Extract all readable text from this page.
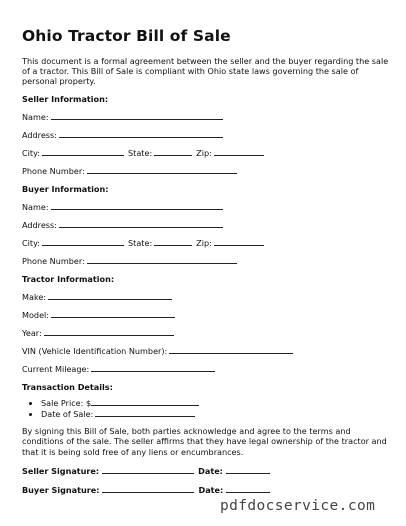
Ohio Tractor Bill of Sale

This document is a formal agreement between the seller and the buyer regarding the sale of a tractor. This Bill of Sale is compliant with Ohio state laws governing the sale of personal property.

Seller Information:
Name:
Address:
City:	State:	Zip:
Phone Number:
Buyer Information:
Name:
Address:
City:	State:	Zip:
Phone Number:
Tractor Information:
Make:
Model:
Year:
VIN (Vehicle Identification Number):
Current Mileage:
Transaction Details:
• Sale Price: $
• Date of Sale:

By signing this Bill of Sale, both parties acknowledge and agree to the terms and conditions of the sale. The seller affirms that they have legal ownership of the tractor and that it is being sold free of any liens or encumbrances.

Seller Signature:	Date:
Buyer Signature:	Date:
pdfdocservice.com
